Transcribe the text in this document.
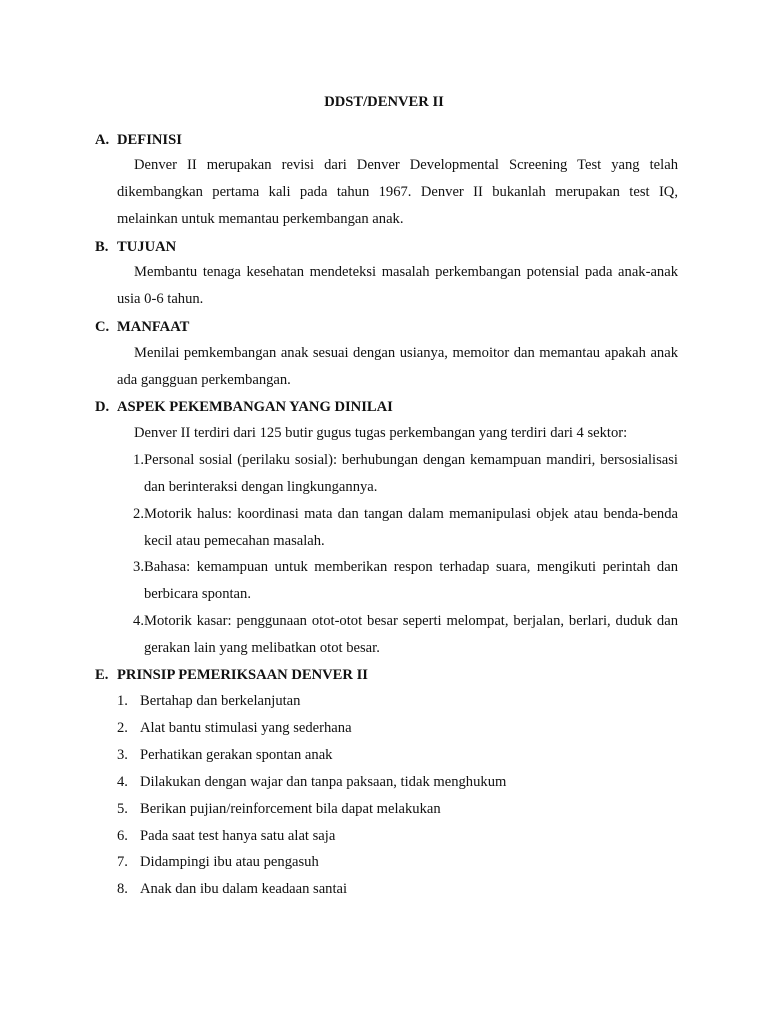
DDST/DENVER II
A. DEFINISI

Denver II merupakan revisi dari Denver Developmental Screening Test yang telah dikembangkan pertama kali pada tahun 1967. Denver II bukanlah merupakan test IQ, melainkan untuk memantau perkembangan anak.

B. TUJUAN

Membantu tenaga kesehatan mendeteksi masalah perkembangan potensial pada anak-anak usia 0-6 tahun.

C. MANFAAT

Menilai pemkembangan anak sesuai dengan usianya, memoitor dan memantau apakah anak ada gangguan perkembangan.

D. ASPEK PEKEMBANGAN YANG DINILAI

Denver II terdiri dari 125 butir gugus tugas perkembangan yang terdiri dari 4 sektor:

1. Personal sosial (perilaku sosial): berhubungan dengan kemampuan mandiri, bersosialisasi dan berinteraksi dengan lingkungannya.
2. Motorik halus: koordinasi mata dan tangan dalam memanipulasi objek atau benda-benda kecil atau pemecahan masalah.
3. Bahasa: kemampuan untuk memberikan respon terhadap suara, mengikuti perintah dan berbicara spontan.
4. Motorik kasar: penggunaan otot-otot besar seperti melompat, berjalan, berlari, duduk dan gerakan lain yang melibatkan otot besar.
E. PRINSIP PEMERIKSAAN DENVER II
1. Bertahap dan berkelanjutan
2. Alat bantu stimulasi yang sederhana
3. Perhatikan gerakan spontan anak
4. Dilakukan dengan wajar dan tanpa paksaan, tidak menghukum
5. Berikan pujian/reinforcement bila dapat melakukan
6. Pada saat test hanya satu alat saja
7. Didampingi ibu atau pengasuh
8. Anak dan ibu dalam keadaan santai
